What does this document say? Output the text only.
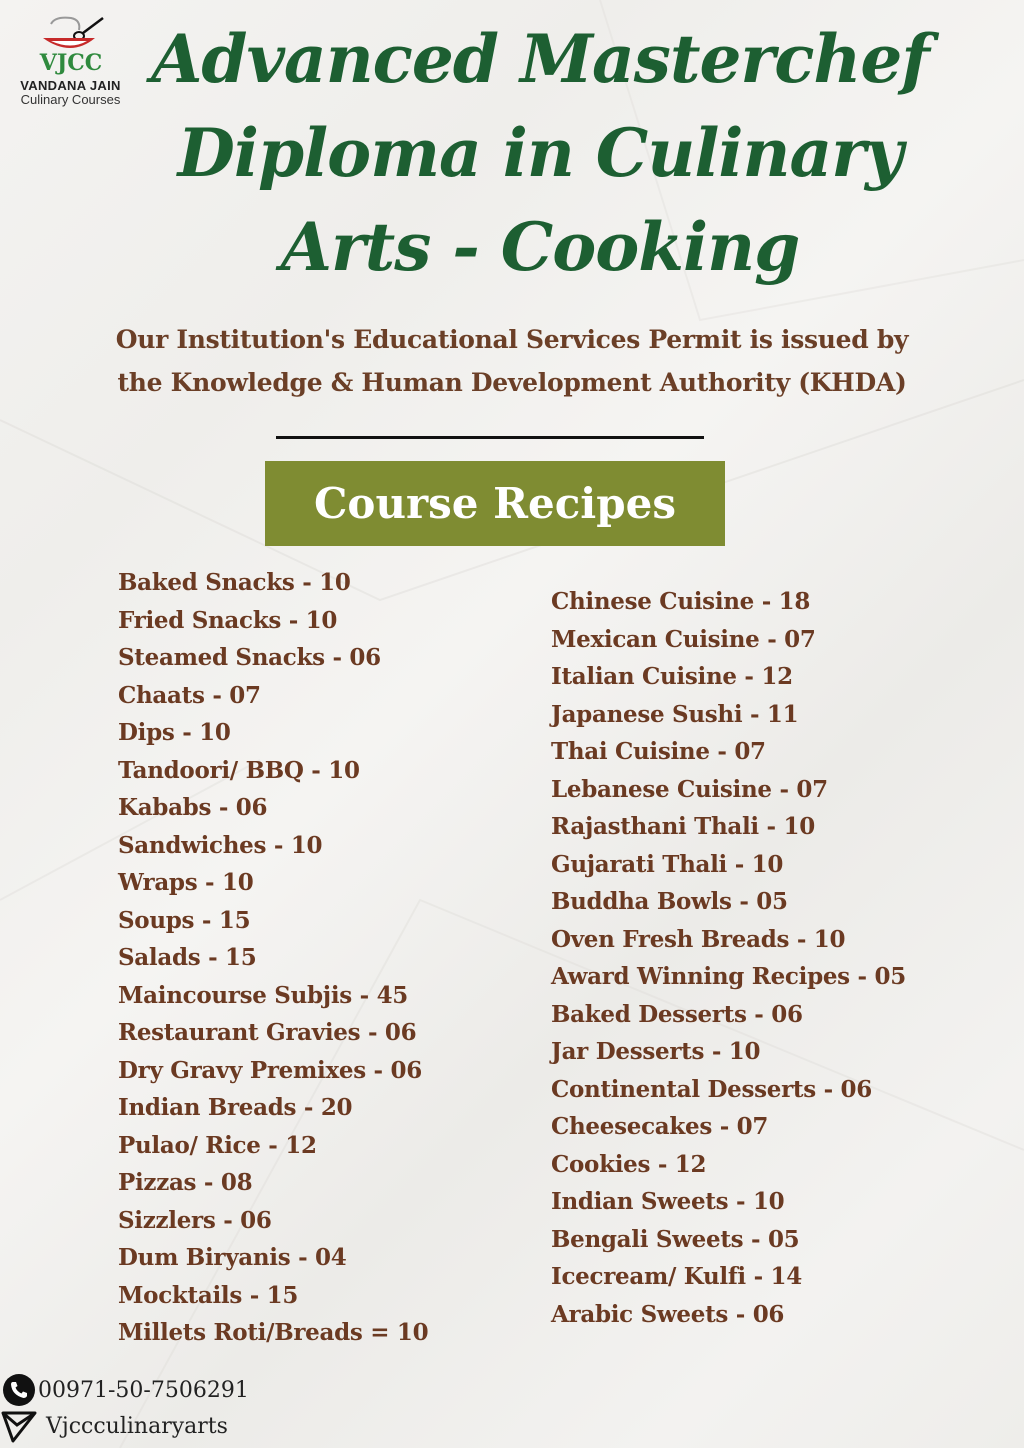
VJCC
VANDANA JAIN
Culinary Courses
Advanced Masterchef
Diploma in Culinary
Arts - Cooking
Our Institution's Educational Services Permit is issued by
the Knowledge & Human Development Authority (KHDA)
Course Recipes
Baked Snacks - 10
Fried Snacks - 10
Steamed Snacks - 06
Chaats - 07
Dips - 10
Tandoori/ BBQ - 10
Kababs - 06
Sandwiches - 10
Wraps - 10
Soups - 15
Salads - 15
Maincourse Subjis - 45
Restaurant Gravies - 06
Dry Gravy Premixes - 06
Indian Breads - 20
Pulao/ Rice - 12
Pizzas - 08
Sizzlers - 06
Dum Biryanis - 04
Mocktails - 15
Millets Roti/Breads = 10
Chinese Cuisine - 18
Mexican Cuisine - 07
Italian Cuisine - 12
Japanese Sushi - 11
Thai Cuisine - 07
Lebanese Cuisine - 07
Rajasthani Thali - 10
Gujarati Thali - 10
Buddha Bowls - 05
Oven Fresh Breads - 10
Award Winning Recipes - 05
Baked Desserts - 06
Jar Desserts - 10
Continental Desserts - 06
Cheesecakes - 07
Cookies - 12
Indian Sweets - 10
Bengali Sweets - 05
Icecream/ Kulfi - 14
Arabic Sweets - 06
00971-50-7506291
Vjccculinaryarts
